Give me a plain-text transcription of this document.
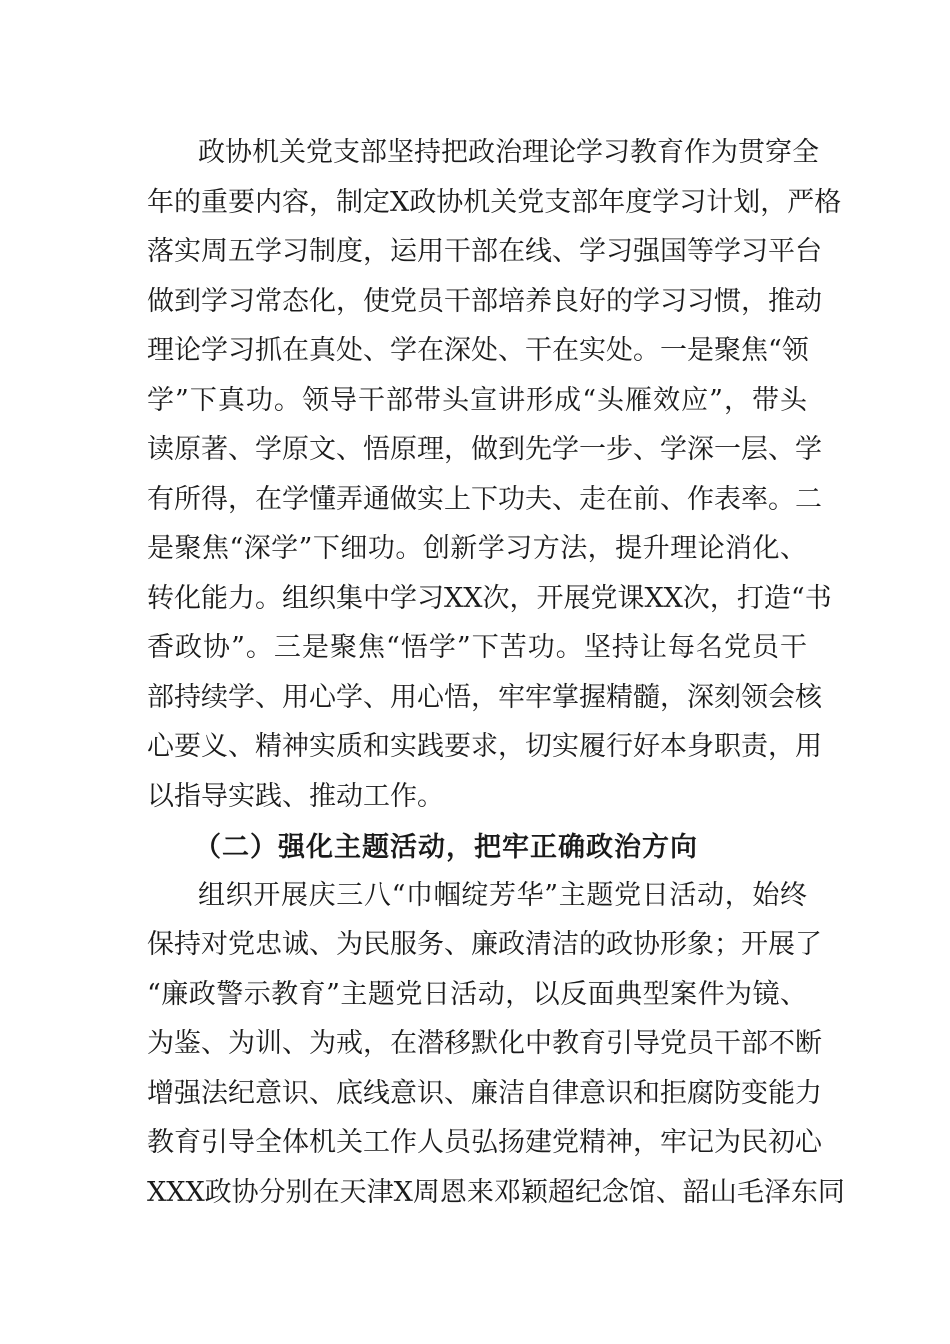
政协机关党支部坚持把政治理论学习教育作为贯穿全
年的重要内容，制定X政协机关党支部年度学习计划，严格
落实周五学习制度，运用干部在线、学习强国等学习平台
做到学习常态化，使党员干部培养良好的学习习惯，推动
理论学习抓在真处、学在深处、干在实处。一是聚焦“领
学”下真功。领导干部带头宣讲形成“头雁效应”，带头
读原著、学原文、悟原理，做到先学一步、学深一层、学
有所得，在学懂弄通做实上下功夫、走在前、作表率。二
是聚焦“深学”下细功。创新学习方法，提升理论消化、
转化能力。组织集中学习XX次，开展党课XX次，打造“书
香政协”。三是聚焦“悟学”下苦功。坚持让每名党员干
部持续学、用心学、用心悟，牢牢掌握精髓，深刻领会核
心要义、精神实质和实践要求，切实履行好本身职责，用
以指导实践、推动工作。
（二）强化主题活动，把牢正确政治方向
组织开展庆三八“巾帼绽芳华”主题党日活动，始终
保持对党忠诚、为民服务、廉政清洁的政协形象；开展了
“廉政警示教育”主题党日活动，以反面典型案件为镜、
为鉴、为训、为戒，在潜移默化中教育引导党员干部不断
增强法纪意识、底线意识、廉洁自律意识和拒腐防变能力
教育引导全体机关工作人员弘扬建党精神，牢记为民初心
XXX政协分别在天津X周恩来邓颖超纪念馆、韶山毛泽东同
